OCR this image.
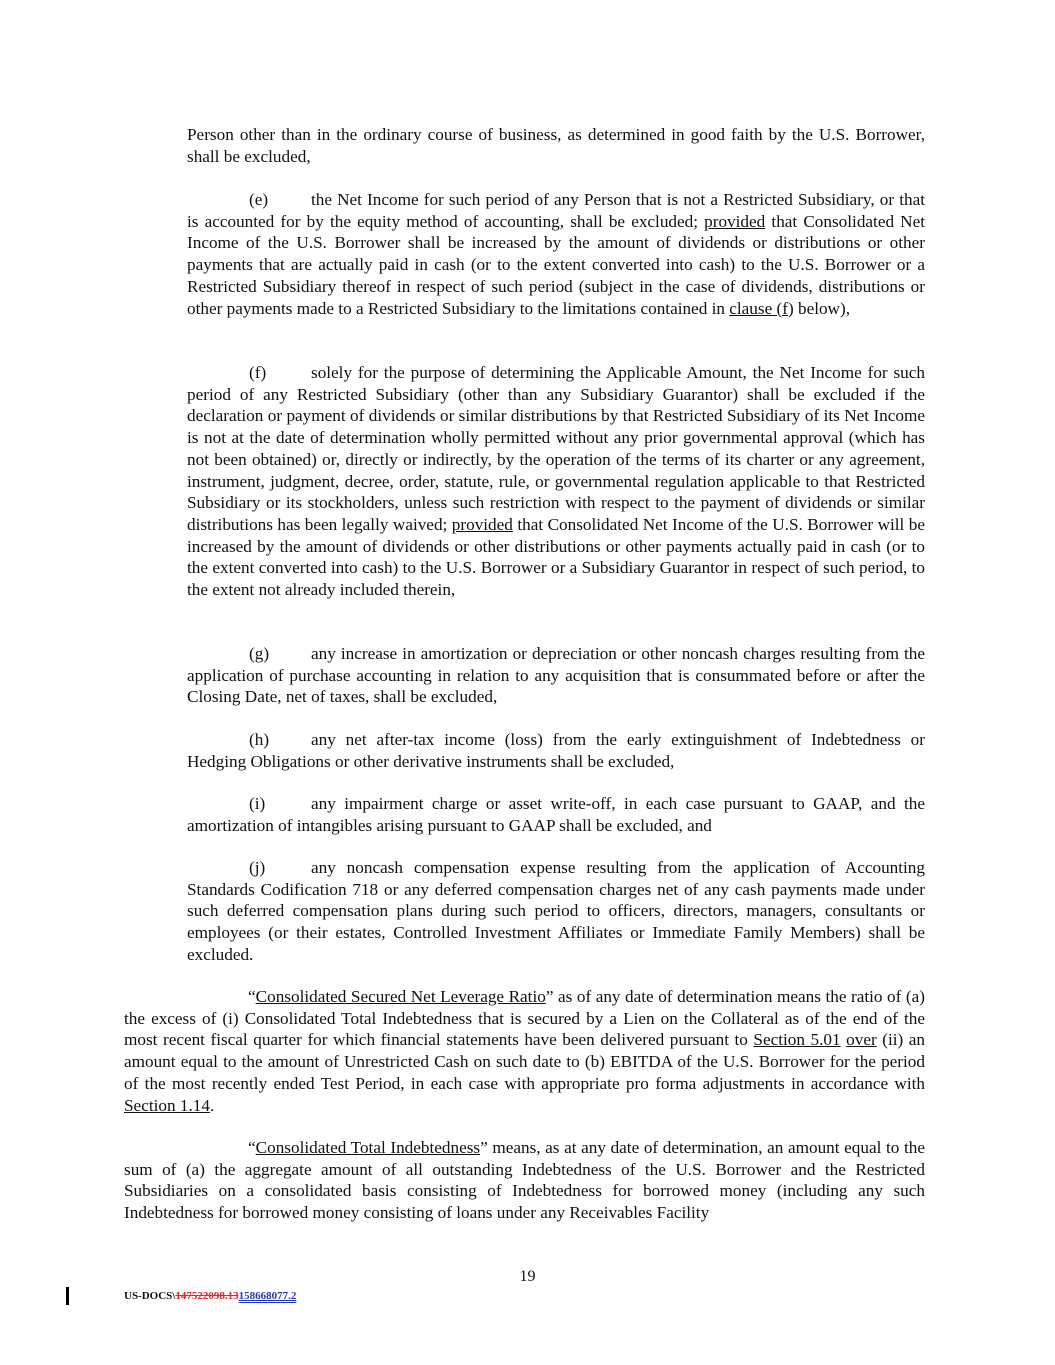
Person other than in the ordinary course of business, as determined in good faith by the U.S. Borrower, shall be excluded,

(e) the Net Income for such period of any Person that is not a Restricted Subsidiary, or that is accounted for by the equity method of accounting, shall be excluded; provided that Consolidated Net Income of the U.S. Borrower shall be increased by the amount of dividends or distributions or other payments that are actually paid in cash (or to the extent converted into cash) to the U.S. Borrower or a Restricted Subsidiary thereof in respect of such period (subject in the case of dividends, distributions or other payments made to a Restricted Subsidiary to the limitations contained in clause (f) below),

(f)	solely for the purpose of determining the Applicable Amount, the Net Income for such period of any Restricted Subsidiary (other than any Subsidiary Guarantor) shall be excluded if the declaration or payment of dividends or similar distributions by that Restricted Subsidiary of its Net Income is not at the date of determination wholly permitted without any prior governmental approval (which has not been obtained) or, directly or indirectly, by the operation of the terms of its charter or any agreement, instrument, judgment, decree, order, statute, rule, or governmental regulation applicable to that Restricted Subsidiary or its stockholders, unless such restriction with respect to the payment of dividends or similar distributions has been legally waived; provided that Consolidated Net Income of the U.S. Borrower will be increased by the amount of dividends or other distributions or other payments actually paid in cash (or to the extent converted into cash) to the U.S. Borrower or a Subsidiary Guarantor in respect of such period, to the extent not already included therein,

(g) any increase in amortization or depreciation or other noncash charges resulting from the application of purchase accounting in relation to any acquisition that is consummated before or after the Closing Date, net of taxes, shall be excluded,

(h) any net after-tax income (loss) from the early extinguishment of Indebtedness or Hedging Obligations or other derivative instruments shall be excluded,

(i)	any impairment charge or asset write-off, in each case pursuant to GAAP, and the amortization of intangibles arising pursuant to GAAP shall be excluded, and

(j)	any noncash compensation expense resulting from the application of Accounting Standards Codification 718 or any deferred compensation charges net of any cash payments made under such deferred compensation plans during such period to officers, directors, managers, consultants or employees (or their estates, Controlled Investment Affiliates or Immediate Family Members) shall be excluded.

“Consolidated Secured Net Leverage Ratio” as of any date of determination means the ratio of (a) the excess of (i) Consolidated Total Indebtedness that is secured by a Lien on the Collateral as of the end of the most recent fiscal quarter for which financial statements have been delivered pursuant to Section 5.01 over (ii) an amount equal to the amount of Unrestricted Cash on such date to (b) EBITDA of the U.S. Borrower for the period of the most recently ended Test Period, in each case with appropriate pro forma adjustments in accordance with Section 1.14.

“Consolidated Total Indebtedness” means, as at any date of determination, an amount equal to the sum of (a) the aggregate amount of all outstanding Indebtedness of the U.S. Borrower and the Restricted Subsidiaries on a consolidated basis consisting of Indebtedness for borrowed money (including any such Indebtedness for borrowed money consisting of loans under any Receivables Facility

19
US-DOCS\147522098.13158668077.2
